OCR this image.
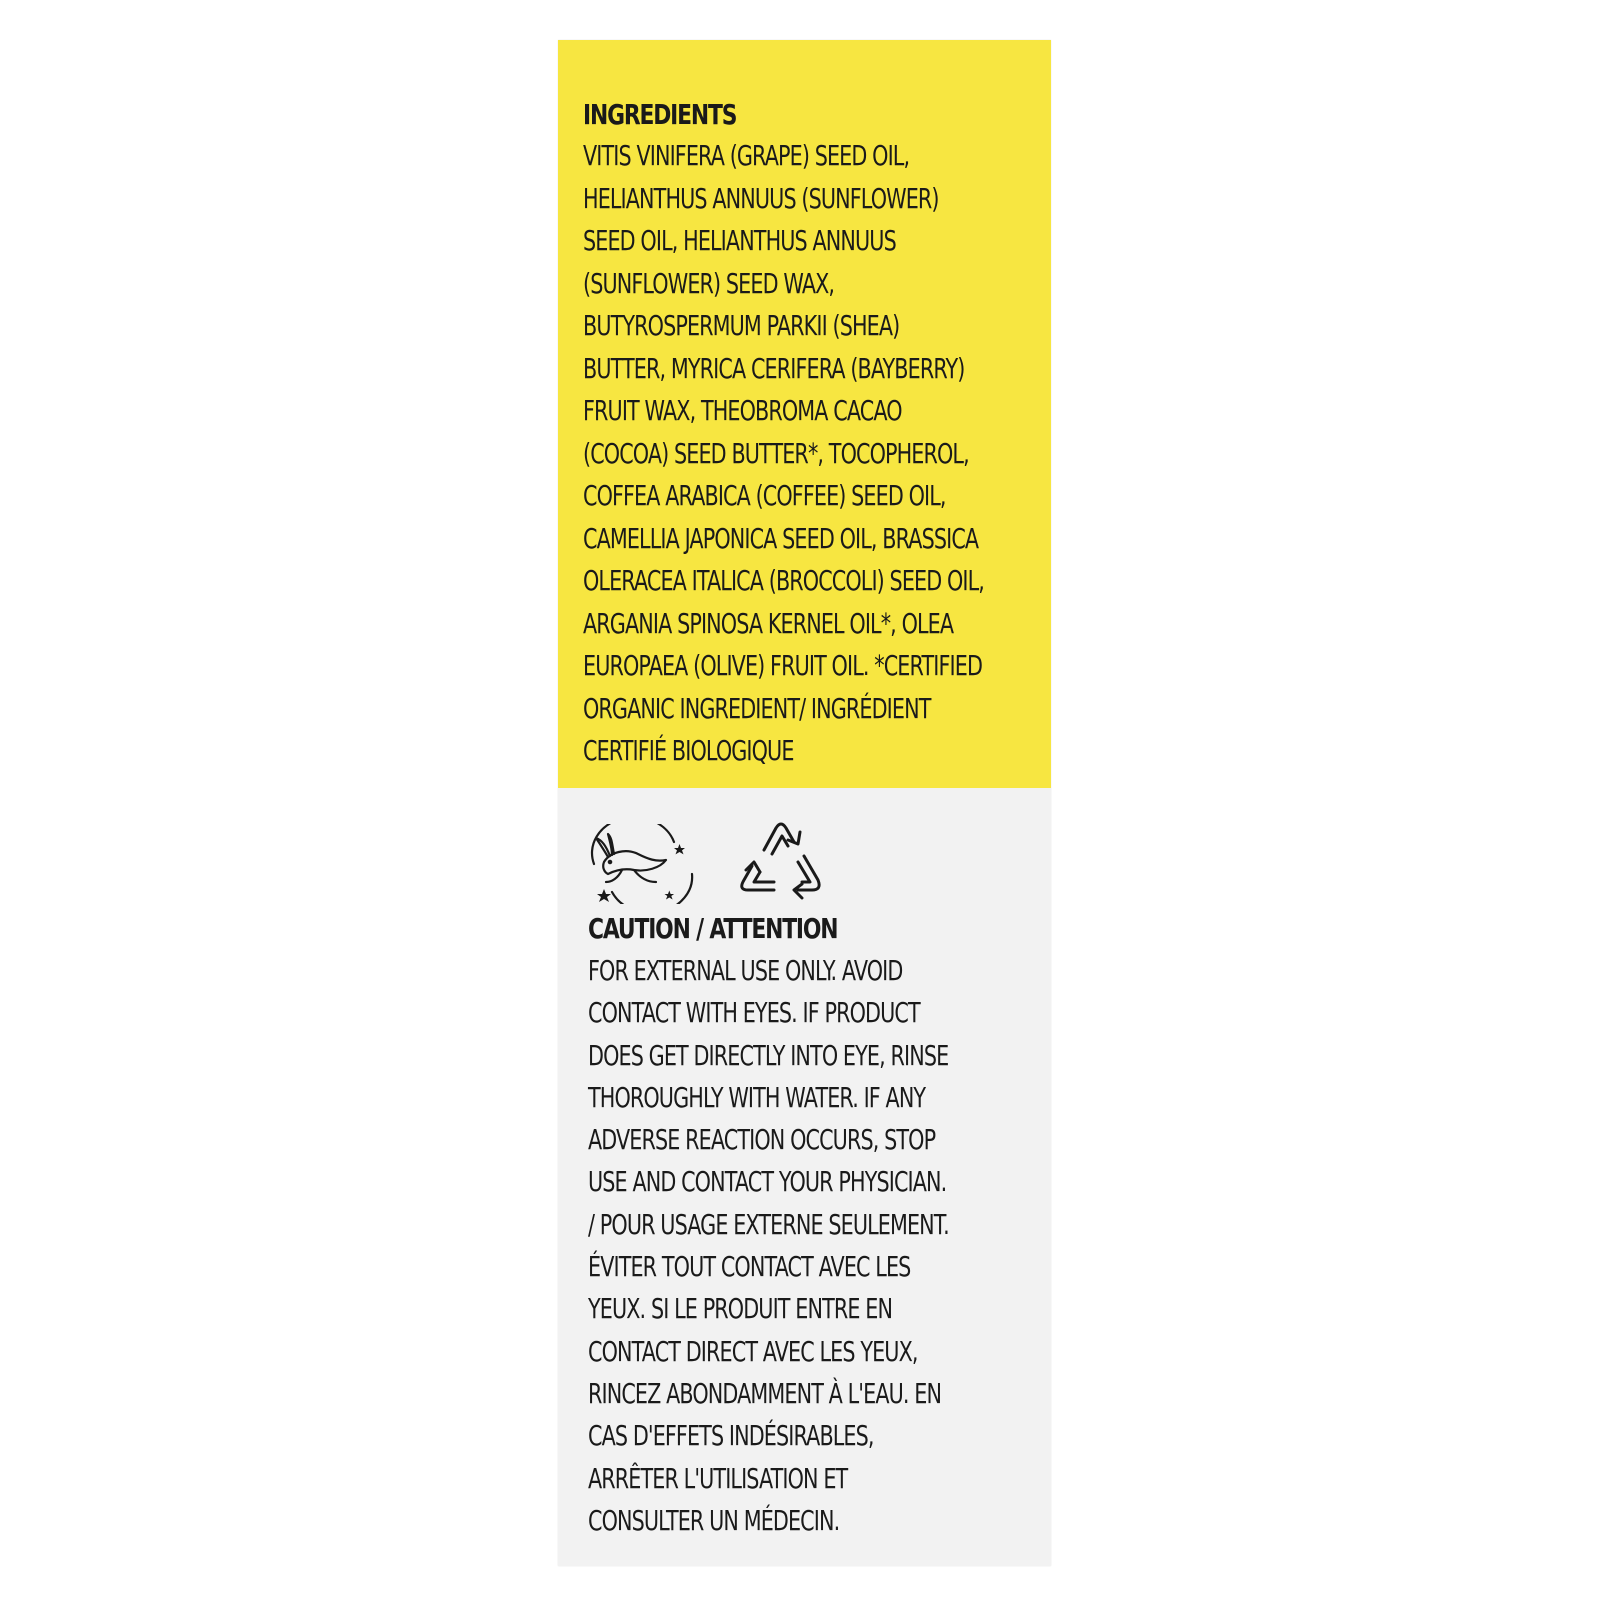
INGREDIENTS
VITIS VINIFERA (GRAPE) SEED OIL,
HELIANTHUS ANNUUS (SUNFLOWER)
SEED OIL, HELIANTHUS ANNUUS
(SUNFLOWER) SEED WAX,
BUTYROSPERMUM PARKII (SHEA)
BUTTER, MYRICA CERIFERA (BAYBERRY)
FRUIT WAX, THEOBROMA CACAO
(COCOA) SEED BUTTER*, TOCOPHEROL,
COFFEA ARABICA (COFFEE) SEED OIL,
CAMELLIA JAPONICA SEED OIL, BRASSICA
OLERACEA ITALICA (BROCCOLI) SEED OIL,
ARGANIA SPINOSA KERNEL OIL*, OLEA
EUROPAEA (OLIVE) FRUIT OIL. *CERTIFIED
ORGANIC INGREDIENT/ INGRÉDIENT
CERTIFIÉ BIOLOGIQUE
CAUTION / ATTENTION
FOR EXTERNAL USE ONLY. AVOID
CONTACT WITH EYES. IF PRODUCT
DOES GET DIRECTLY INTO EYE, RINSE
THOROUGHLY WITH WATER. IF ANY
ADVERSE REACTION OCCURS, STOP
USE AND CONTACT YOUR PHYSICIAN.
/ POUR USAGE EXTERNE SEULEMENT.
ÉVITER TOUT CONTACT AVEC LES
YEUX. SI LE PRODUIT ENTRE EN
CONTACT DIRECT AVEC LES YEUX,
RINCEZ ABONDAMMENT À L'EAU. EN
CAS D'EFFETS INDÉSIRABLES,
ARRÊTER L'UTILISATION ET
CONSULTER UN MÉDECIN.
